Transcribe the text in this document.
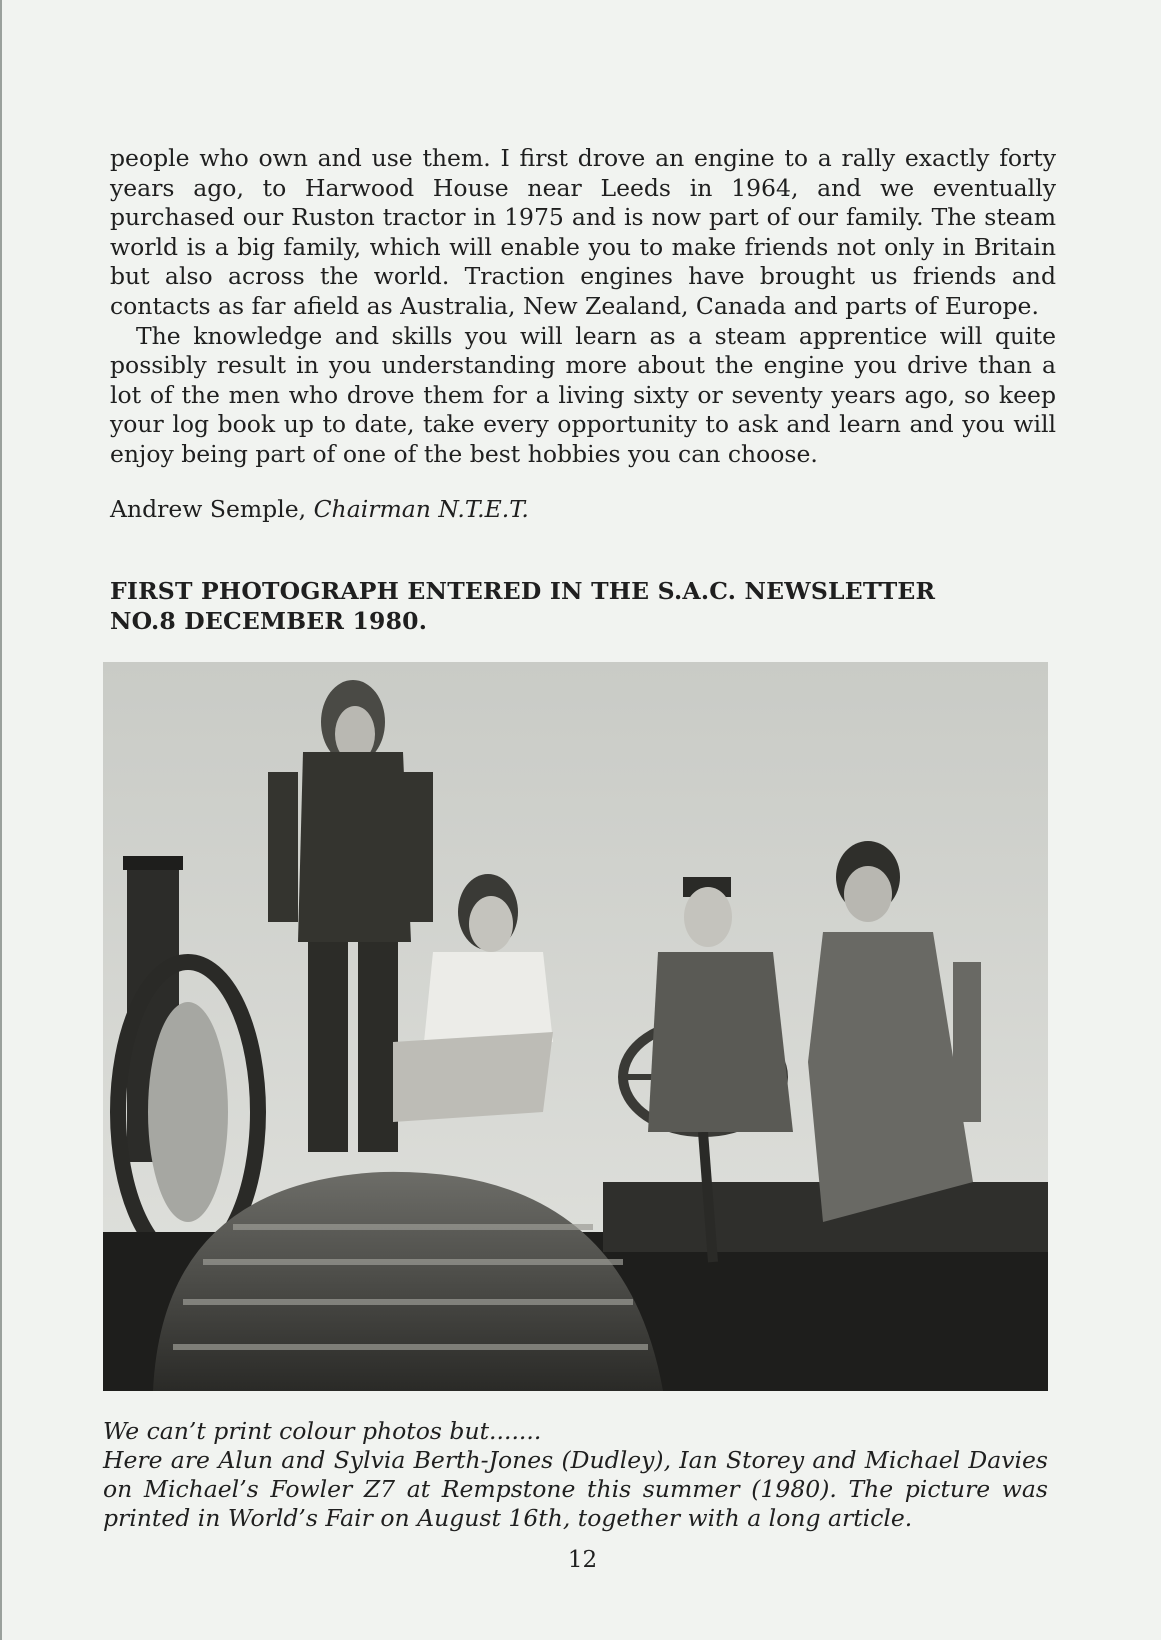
people who own and use them. I first drove an engine to a rally exactly forty years ago, to Harwood House near Leeds in 1964, and we eventually purchased our Ruston tractor in 1975 and is now part of our family. The steam world is a big family, which will enable you to make friends not only in Britain but also across the world. Traction engines have brought us friends and contacts as far afield as Australia, New Zealand, Canada and parts of Europe.

The knowledge and skills you will learn as a steam apprentice will quite possibly result in you understanding more about the engine you drive than a lot of the men who drove them for a living sixty or seventy years ago, so keep your log book up to date, take every opportunity to ask and learn and you will enjoy being part of one of the best hobbies you can choose.

Andrew Semple, Chairman N.T.E.T.
FIRST PHOTOGRAPH ENTERED IN THE S.A.C. NEWSLETTER
NO.8 DECEMBER 1980.

We can’t print colour photos but.......

Here are Alun and Sylvia Berth-Jones (Dudley), Ian Storey and Michael Davies on Michael’s Fowler Z7 at Rempstone this summer (1980). The picture was printed in World’s Fair on August 16th, together with a long article.

12
